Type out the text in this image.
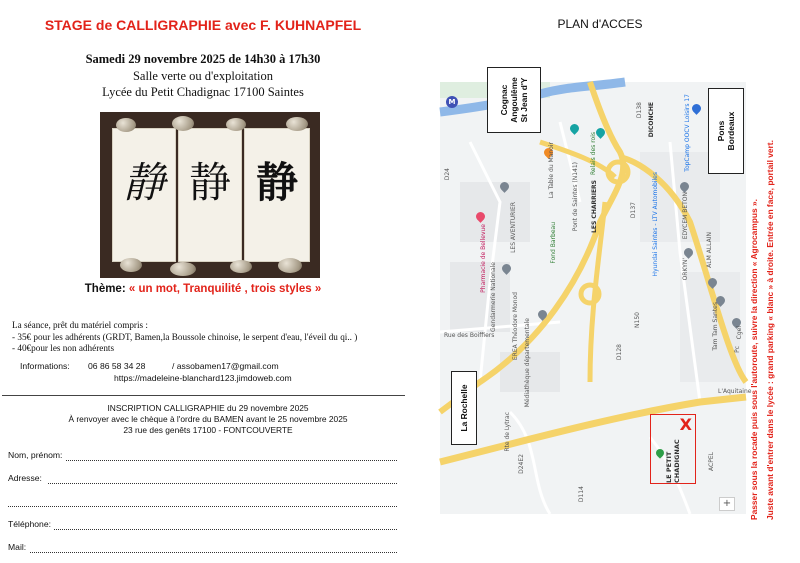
STAGE de CALLIGRAPHIE avec F. KUHNAPFEL
Samedi 29 novembre 2025 de 14h30 à 17h30
Salle verte ou d'exploitation
Lycée du Petit Chadignac 17100 Saintes
静 静 静
Thème: « un mot, Tranquilité , trois styles »
La séance, prêt du matériel compris :
- 35€ pour les adhérents (GRDT, Bamen,la Boussole chinoise, le serpent d'eau, l'éveil du qi.. )
- 40€pour les non adhérents
Informations: 06 86 58 34 28	/ assobamen17@gmail.com
https://madeleine-blanchard123.jimdoweb.com
INSCRIPTION CALLIGRAPHIE du 29 novembre 2025
À renvoyer avec le chèque à l'ordre du BAMEN avant le 25 novembre 2025
23 rue des genêts 17100 - FONTCOUVERTE
Nom, prénom:
Adresse:
Téléphone:
Mail:
PLAN d'ACCES
M
D24	Pont de Saintes (N141) LES CHARRIERS
Relais des rois
D138 DICONCHE	TopCamp OOCV Loisirs 17
La Table du Manoir
LES AVENTURIER
Pharmacie de Bellevue	Fond Barbeau
Gendarmerie Nationale
Médiathèque départementale
EREA Théodore Monod
Rue des Boiffiers
D137	Hyundai Saintes - LTV Automobiles	EDYCEM BETON
ORKYN'
ALM ALLAIN
Tam Tam Santes	Cgel
N150
D128
L'Aquitaine
Rte de Lytrac
D24E2
D114
ACPEL
Pc
Cognac Angoulême St Jean d'Y
Pons Bordeaux
La Rochelle	X
LE PETIT CHADIGNAC
+	Passer sous la rocade puis sous l'autoroute, suivre la direction « Agrocampus ». Juste avant d'entrer dans le lycée : grand parking « blanc » à droite. Entrée en face, portail vert.
